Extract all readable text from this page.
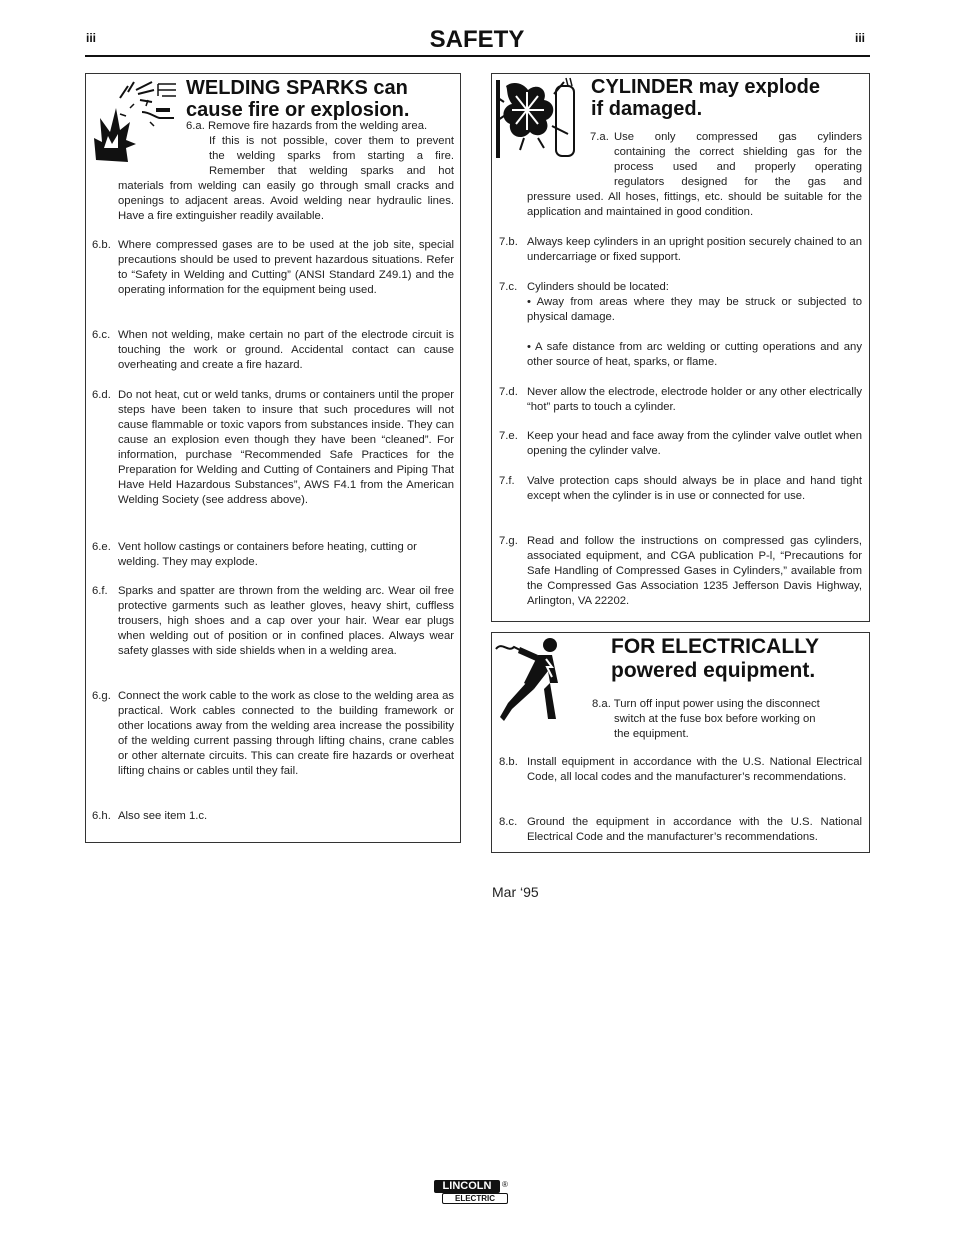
iii	SAFETY	iii
WELDING SPARKS can
cause fire or explosion.
6.a. Remove fire hazards from the welding area.
If this is not possible, cover them to prevent
the welding sparks from starting a fire.
Remember that welding sparks and hot
materials from welding can easily go through small cracks and openings to adjacent areas. Avoid welding near hydraulic lines. Have a fire extinguisher readily available.
6.b. Where compressed gases are to be used at the job site, special precautions should be used to prevent hazardous situations. Refer to “Safety in Welding and Cutting” (ANSI Standard Z49.1) and the operating information for the equipment being used.
6.c. When not welding, make certain no part of the electrode circuit is touching the work or ground. Accidental contact can cause overheating and create a fire hazard.
6.d. Do not heat, cut or weld tanks, drums or containers until the proper steps have been taken to insure that such procedures will not cause flammable or toxic vapors from substances inside. They can cause an explosion even though they have been “cleaned”. For information, purchase “Recommended Safe Practices for the Preparation for Welding and Cutting of Containers and Piping That Have Held Hazardous Substances”, AWS F4.1 from the American Welding Society (see address above).
6.e. Vent hollow castings or containers before heating, cutting or welding. They may explode.
6.f. Sparks and spatter are thrown from the welding arc. Wear oil free protective garments such as leather gloves, heavy shirt, cuffless trousers, high shoes and a cap over your hair. Wear ear plugs when welding out of position or in confined places. Always wear safety glasses with side shields when in a welding area.
6.g. Connect the work cable to the work as close to the welding area as practical. Work cables connected to the building framework or other locations away from the welding area increase the possibility of the welding current passing through lifting chains, crane cables or other alternate circuits. This can create fire hazards or overheat lifting chains or cables until they fail.
6.h. Also see item 1.c.
CYLINDER may explode
if damaged.
7.a. Use only compressed gas cylinders
containing the correct shielding gas for the
process used and properly operating
regulators designed for the gas and
pressure used. All hoses, fittings, etc. should be suitable for the application and maintained in good condition.
7.b. Always keep cylinders in an upright position securely chained to an undercarriage or fixed support.
7.c. Cylinders should be located:
• Away from areas where they may be struck or subjected to physical damage.
• A safe distance from arc welding or cutting operations and any other source of heat, sparks, or flame.
7.d. Never allow the electrode, electrode holder or any other electrically “hot” parts to touch a cylinder.
7.e. Keep your head and face away from the cylinder valve outlet when opening the cylinder valve.
7.f. Valve protection caps should always be in place and hand tight except when the cylinder is in use or connected for use.
7.g. Read and follow the instructions on compressed gas cylinders, associated equipment, and CGA publication P-l, “Precautions for Safe Handling of Compressed Gases in Cylinders,” available from the Compressed Gas Association 1235 Jefferson Davis Highway, Arlington, VA 22202.
FOR ELECTRICALLY
powered equipment.
8.a. Turn off input power using the disconnect
switch at the fuse box before working on
the equipment.
8.b. Install equipment in accordance with the U.S. National Electrical Code, all local codes and the manufacturer’s recommendations.
8.c. Ground the equipment in accordance with the U.S. National Electrical Code and the manufacturer’s recommendations.
Mar ‘95
LINCOLN	®
ELECTRIC
